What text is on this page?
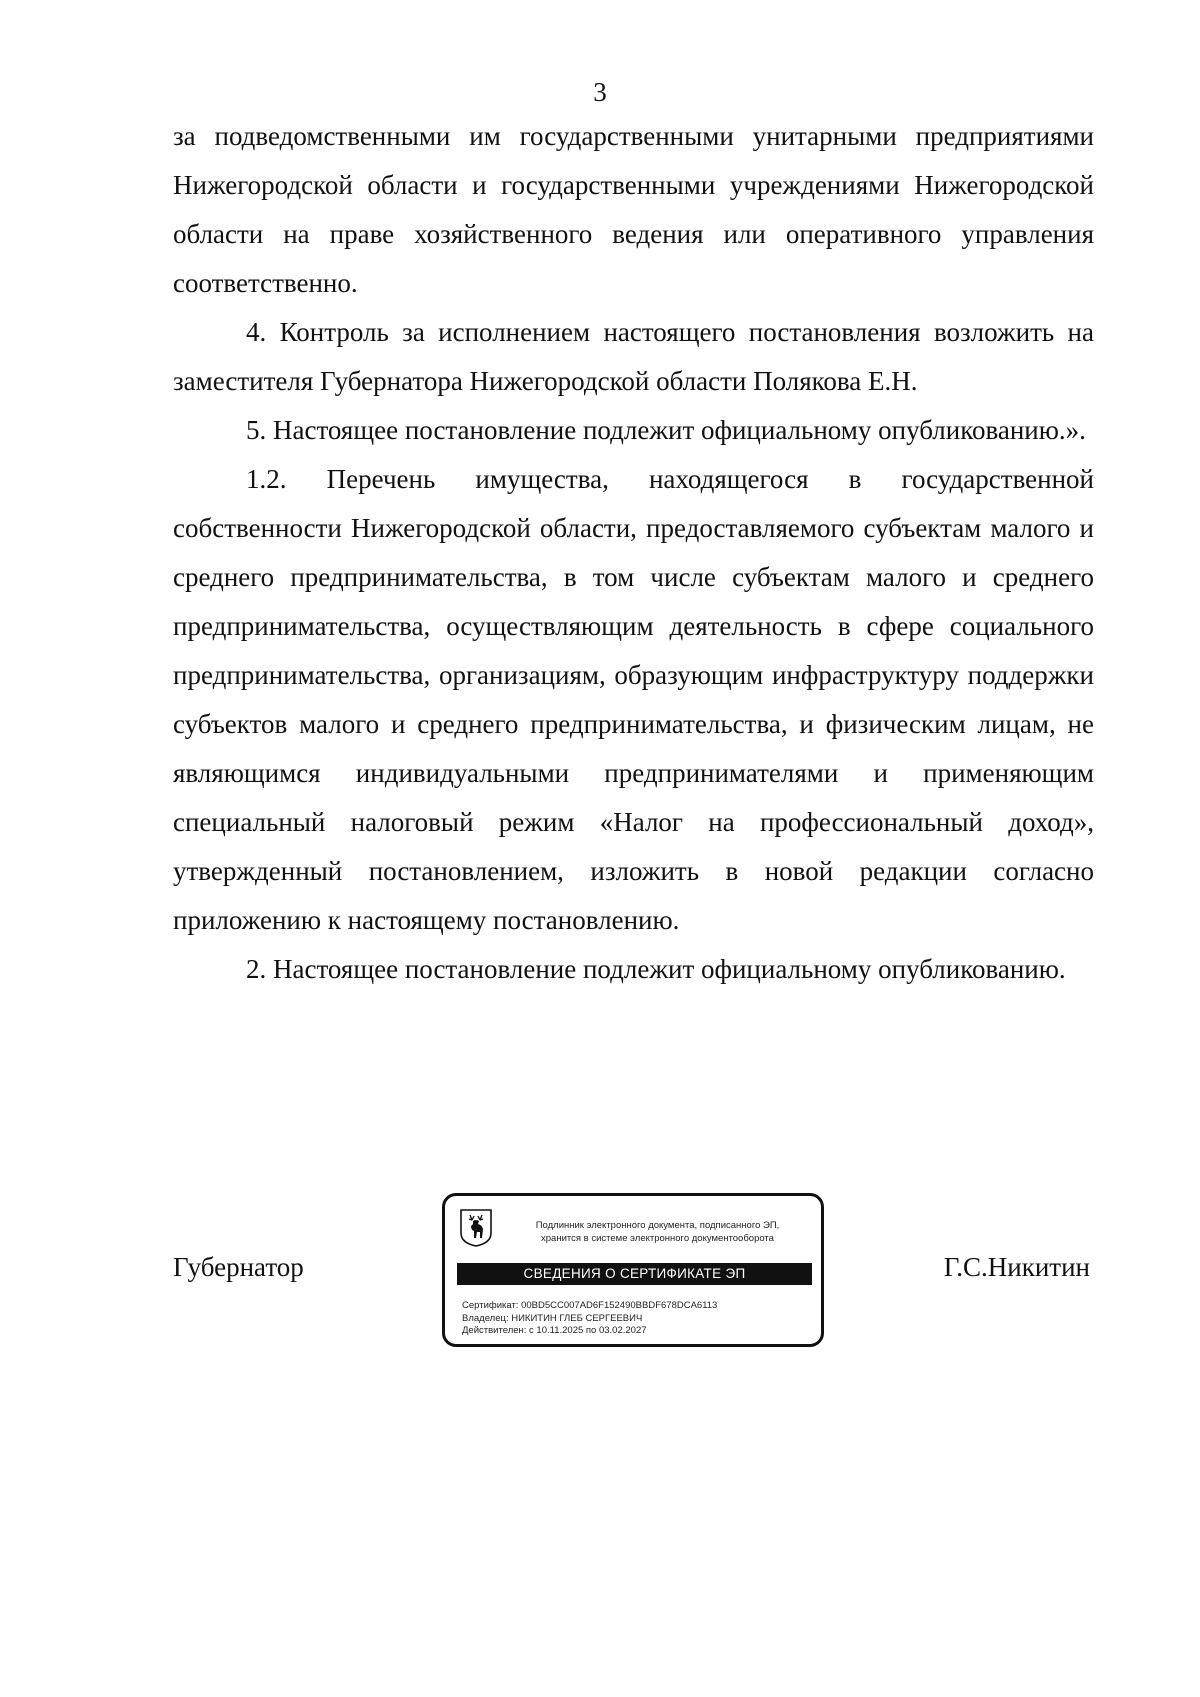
3

за подведомственными им государственными унитарными предприятиями Нижегородской области и государственными учреждениями Нижегородской области на праве хозяйственного ведения или оперативного управления соответственно.

4. Контроль за исполнением настоящего постановления возложить на заместителя Губернатора Нижегородской области Полякова Е.Н.

5. Настоящее постановление подлежит официальному опубликованию.».

1.2. Перечень имущества, находящегося в государственной собственности Нижегородской области, предоставляемого субъектам малого и среднего предпринимательства, в том числе субъектам малого и среднего предпринимательства, осуществляющим деятельность в сфере социального предпринимательства, организациям, образующим инфраструктуру поддержки субъектов малого и среднего предпринимательства, и физическим лицам, не являющимся индивидуальными предпринимателями и применяющим специальный налоговый режим «Налог на профессиональный доход», утвержденный постановлением, изложить в новой редакции согласно приложению к настоящему постановлению.

2. Настоящее постановление подлежит официальному опубликованию.

Губернатор
Подлинник электронного документа, подписанного ЭП,
хранится в системе электронного документооборота
СВЕДЕНИЯ О СЕРТИФИКАТЕ ЭП
Сертификат: 00BD5CC007AD6F152490BBDF678DCA6113
Владелец: НИКИТИН ГЛЕБ СЕРГЕЕВИЧ
Действителен: с 10.11.2025 по 03.02.2027
Г.С.Никитин
